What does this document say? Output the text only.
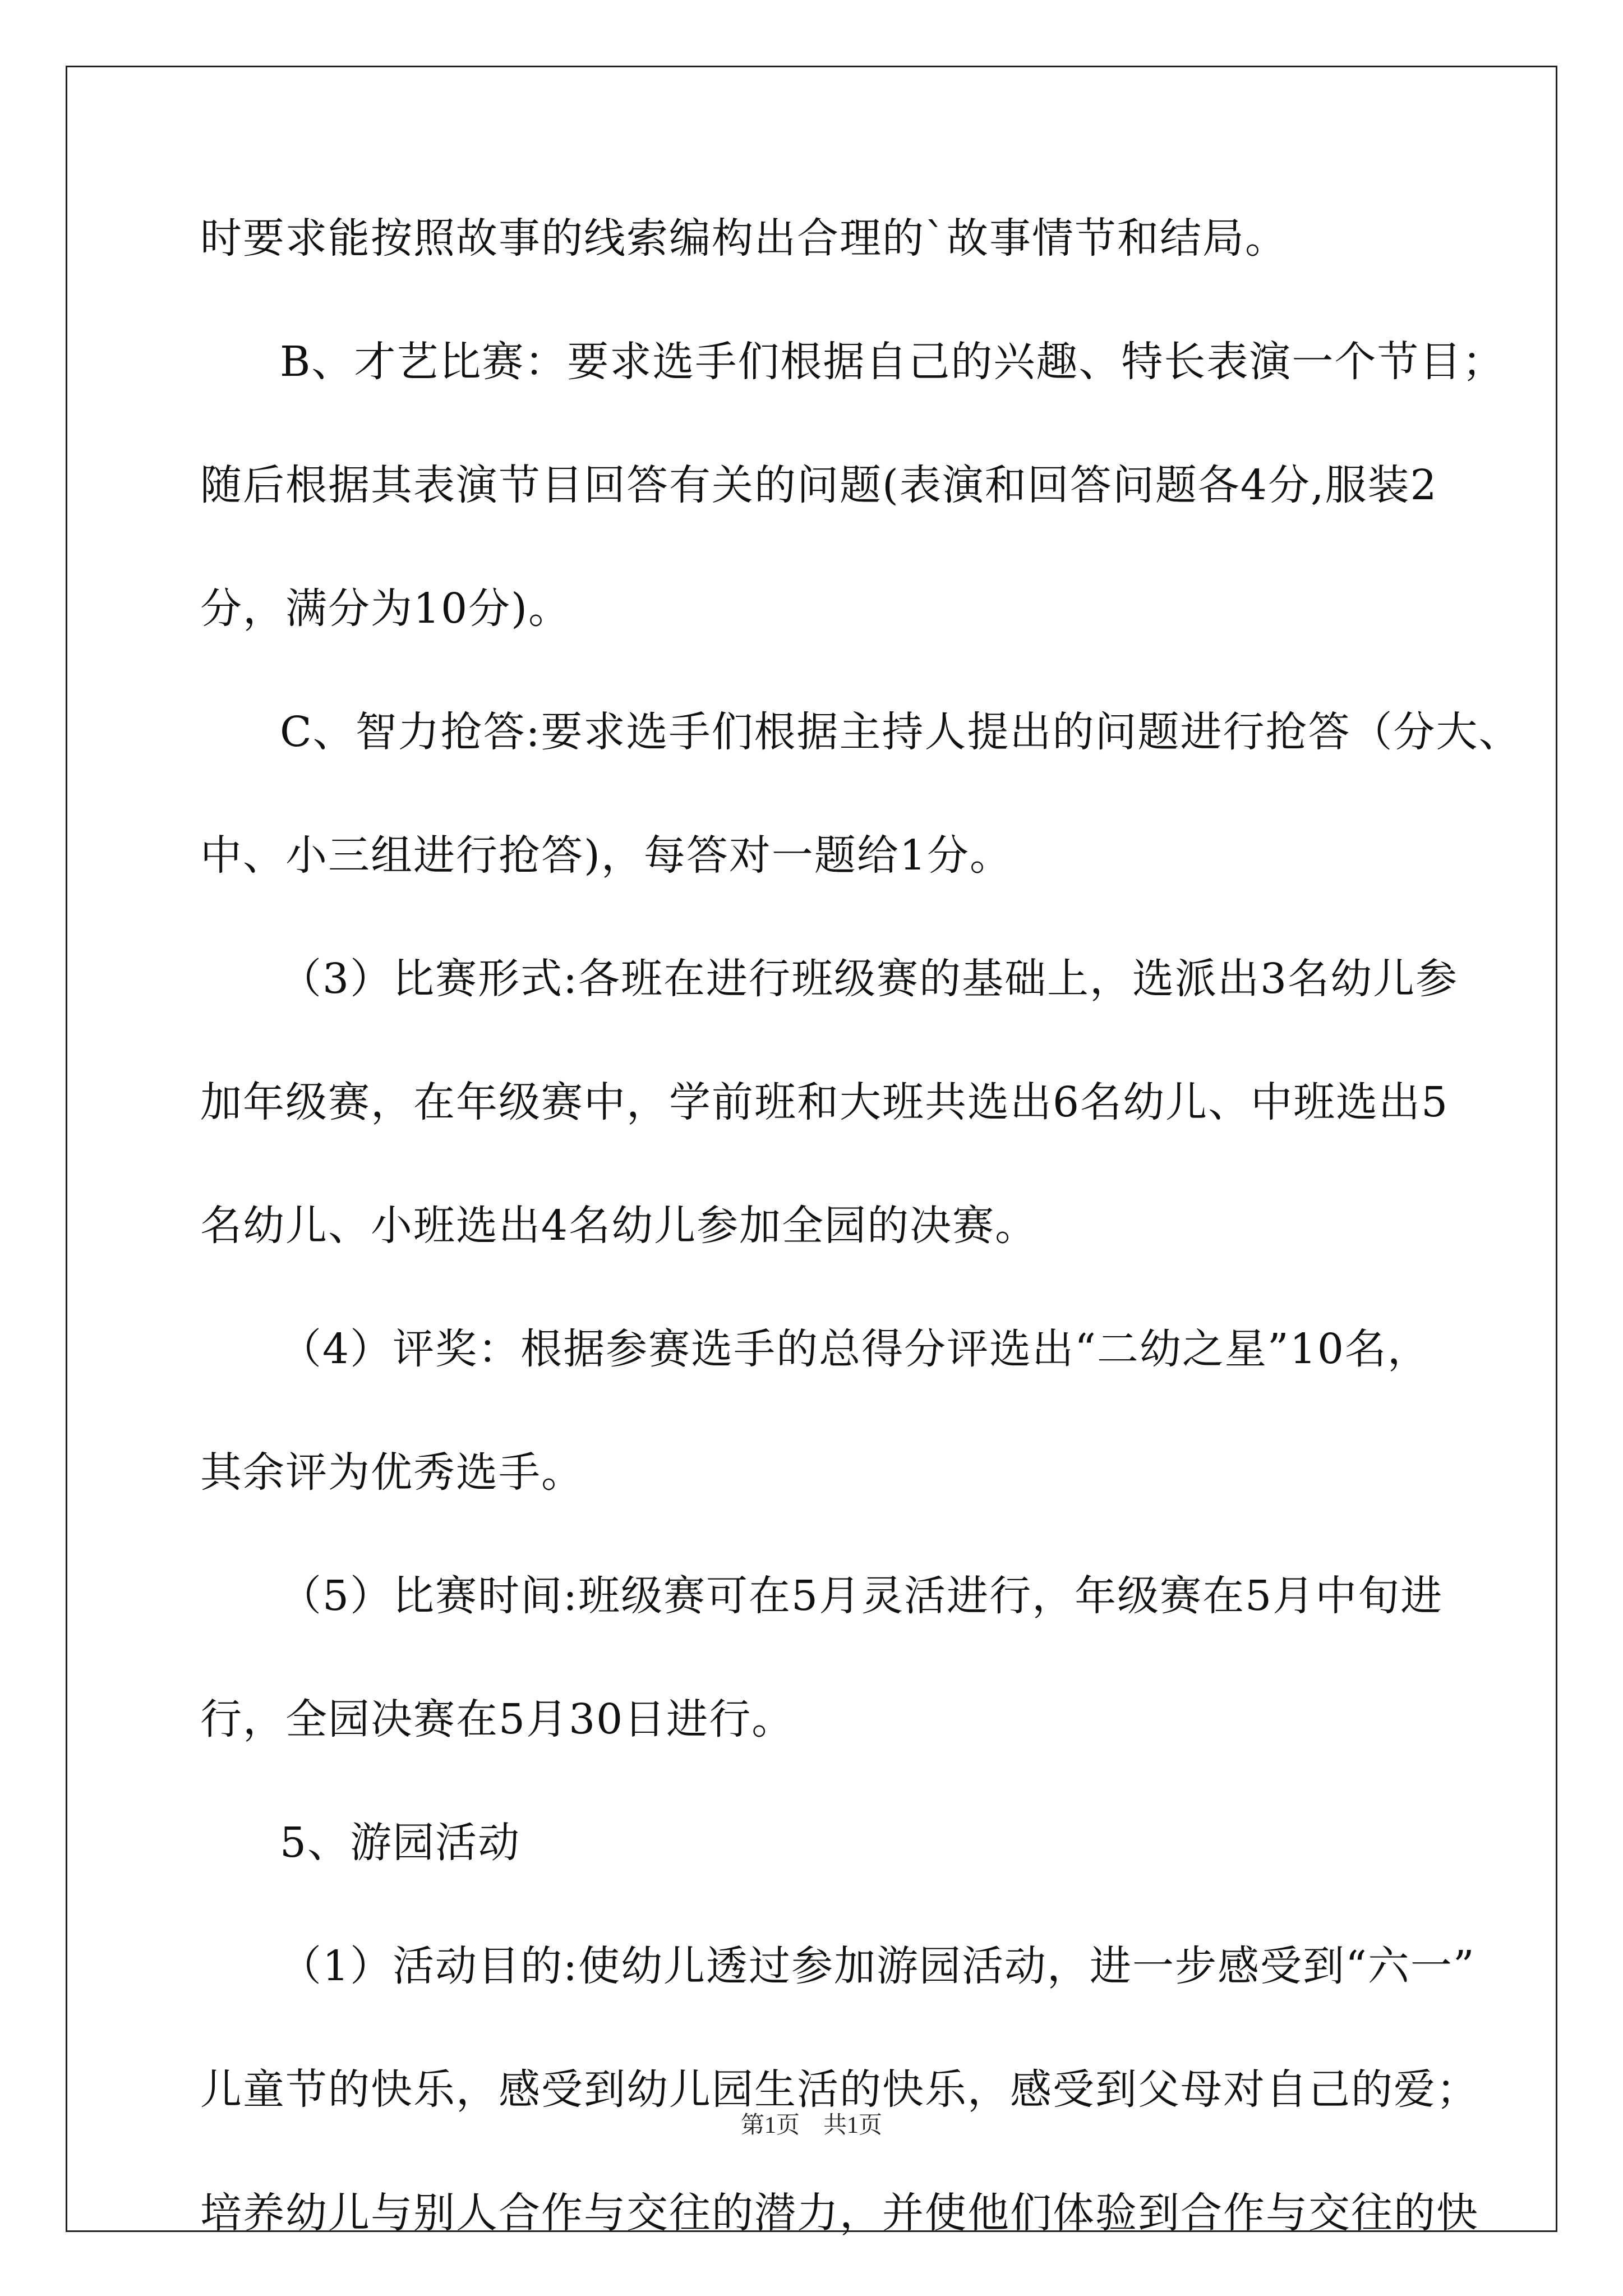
时要求能按照故事的线索编构出合理的`故事情节和结局。
B、才艺比赛：要求选手们根据自己的兴趣、特长表演一个节目；
随后根据其表演节目回答有关的问题(表演和回答问题各4分,服装2
分，满分为10分)。
C、智力抢答:要求选手们根据主持人提出的问题进行抢答（分大、
中、小三组进行抢答)，每答对一题给1分。
（3）比赛形式:各班在进行班级赛的基础上，选派出3名幼儿参
加年级赛，在年级赛中，学前班和大班共选出6名幼儿、中班选出5
名幼儿、小班选出4名幼儿参加全园的决赛。
（4）评奖：根据参赛选手的总得分评选出“二幼之星”10名，
其余评为优秀选手。
（5）比赛时间:班级赛可在5月灵活进行，年级赛在5月中旬进
行，全园决赛在5月30日进行。
5、游园活动
（1）活动目的:使幼儿透过参加游园活动，进一步感受到“六一”
儿童节的快乐，感受到幼儿园生活的快乐，感受到父母对自己的爱；
培养幼儿与别人合作与交往的潜力，并使他们体验到合作与交往的快
第1页　共1页
